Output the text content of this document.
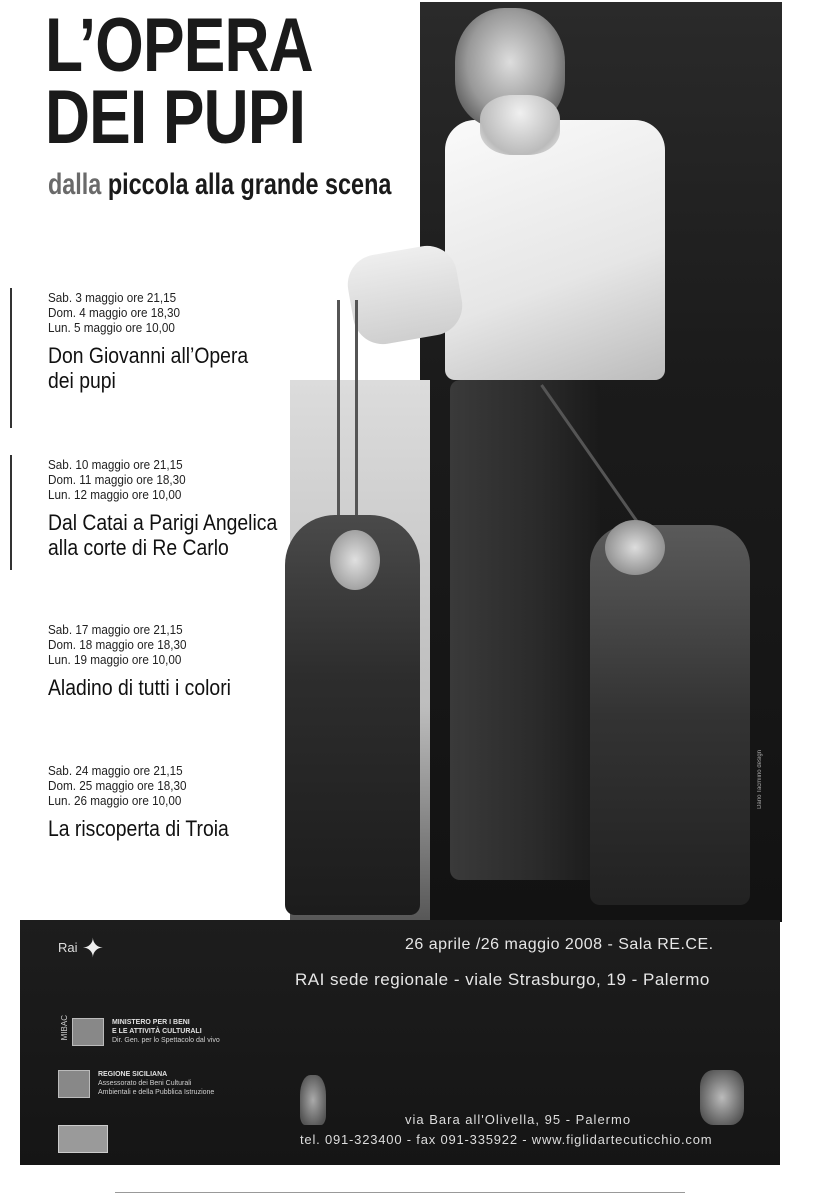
L’OPERA
DEI PUPI

dalla piccola alla grande scena

Sab. 3 maggio ore 21,15
Dom. 4 maggio ore 18,30
Lun. 5 maggio ore 10,00
Don Giovanni all’Opera
dei pupi
Sab. 10 maggio ore 21,15
Dom. 11 maggio ore 18,30
Lun. 12 maggio ore 10,00
Dal Catai a Parigi Angelica
alla corte di Re Carlo
Sab. 17 maggio ore 21,15
Dom. 18 maggio ore 18,30
Lun. 19 maggio ore 10,00
Aladino di tutti i colori
Sab. 24 maggio ore 21,15
Dom. 25 maggio ore 18,30
Lun. 26 maggio ore 10,00
La riscoperta di Troia
Dario Tacmiino design
Rai ✦	26 aprile /26 maggio 2008 - Sala RE.CE.
RAI sede regionale - viale Strasburgo, 19 - Palermo
MIBAC
	MINISTERO PER I BENI
E LE ATTIVITÀ CULTURALI
Dir. Gen. per lo Spettacolo dal vivo

REGIONE SICILIANA
Assessorato dei Beni Culturali
Ambientali e della Pubblica Istruzione
via Bara all'Olivella, 95 - Palermo
tel. 091-323400 - fax 091-335922 - www.figlidartecuticchio.com
